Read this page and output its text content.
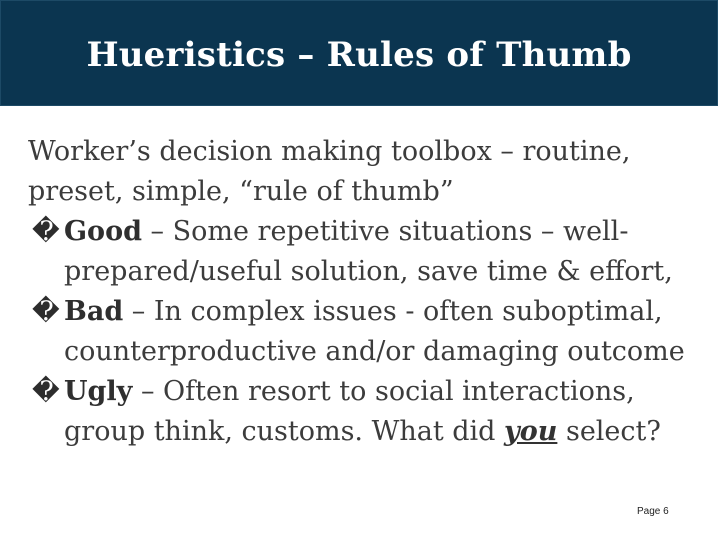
Hueristics – Rules of Thumb

Worker’s decision making toolbox – routine,

preset, simple, “rule of thumb”

� Good – Some repetitive situations – well-

prepared/useful solution, save time & effort,

� Bad – In complex issues - often suboptimal,

counterproductive and/or damaging outcome

� Ugly – Often resort to social interactions,

group think, customs. What did you select?

Page 6
